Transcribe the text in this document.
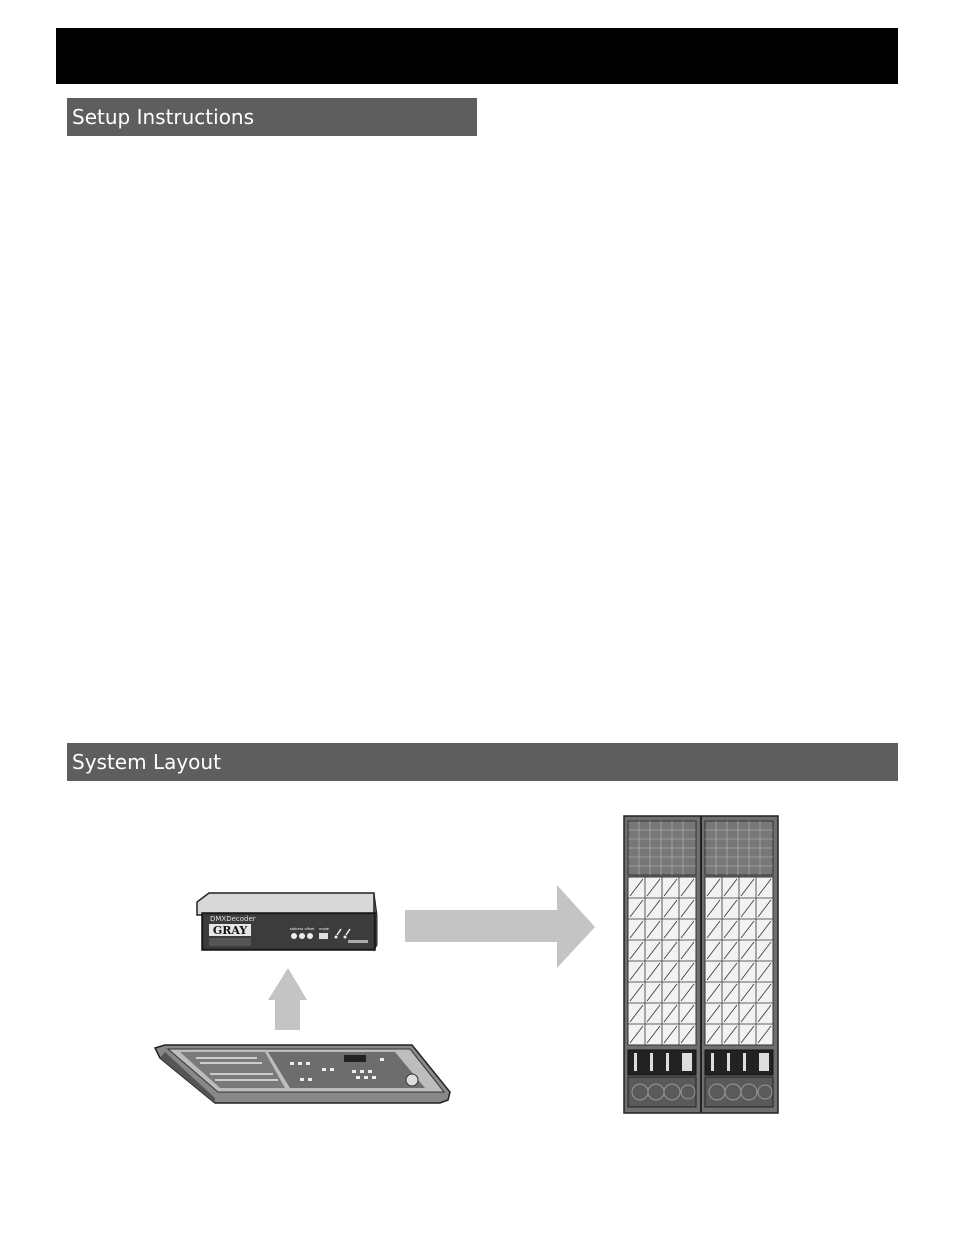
Setup Instructions
System Layout
DMXDecoder
GRAY	address offset mode
